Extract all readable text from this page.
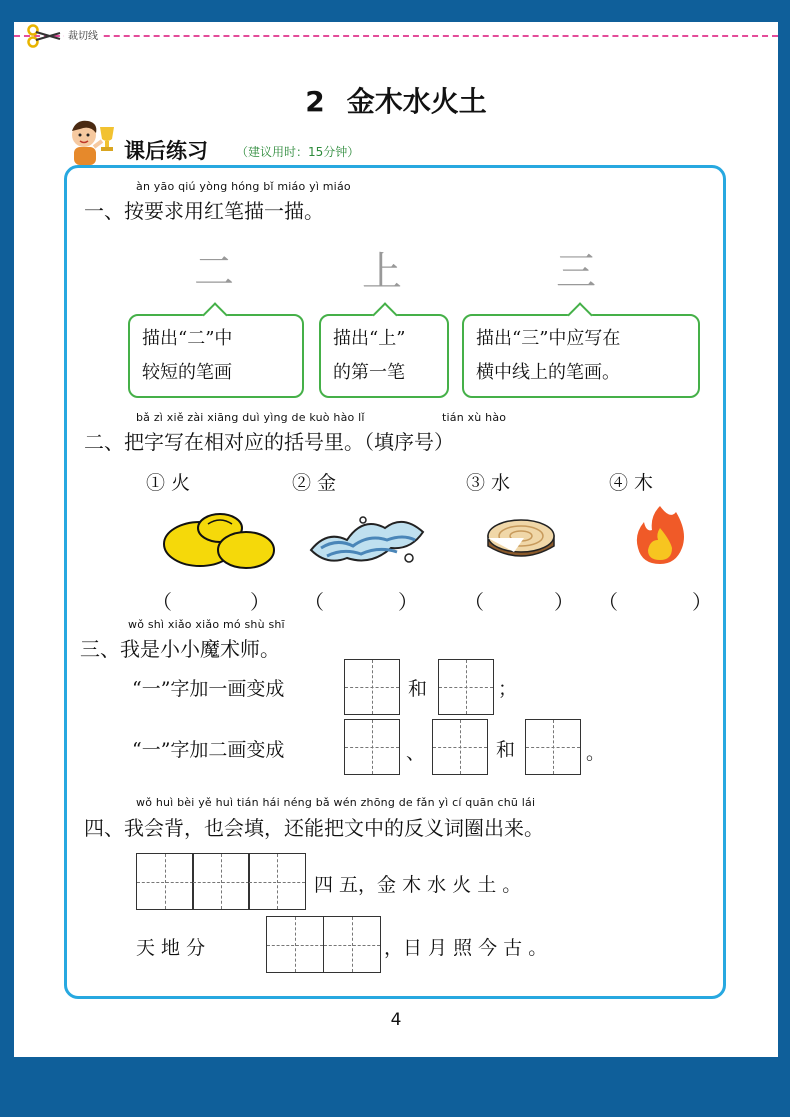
裁切线
2 金木水火土
课后练习 （建议用时：15分钟）
àn yāo qiú yòng hóng bǐ miáo yì miáo
一、按要求用红笔描一描。
二	上	三
描出“二”中
较短的笔画
描出“上”
的第一笔
描出“三”中应写在
横中线上的笔画。
bǎ zì xiě zài xiāng duì yìng de kuò hào lǐ	tián xù hào
二、把字写在相对应的括号里。（填序号）
① 火	② 金	③ 水	④ 木
（	） （	） （	） （	）
wǒ shì xiǎo xiǎo mó shù shī
三、我是小小魔术师。
“一”字加一画变成	和	；
“一”字加二画变成	、	和	。
wǒ huì bèi yě huì tián hái néng bǎ wén zhōng de fǎn yì cí quān chū lái
四、我会背，也会填，还能把文中的反义词圈出来。
四 五，金 木 水 火 土 。
天 地 分	，日 月 照 今 古 。
4
